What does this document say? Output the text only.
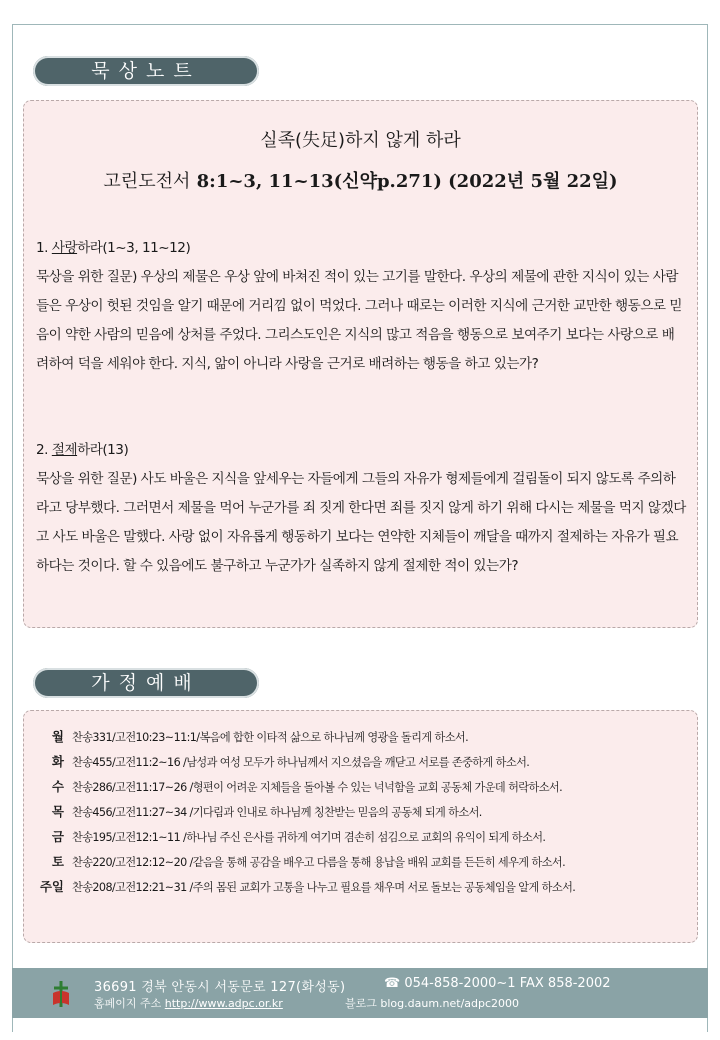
묵상노트
실족(失足)하지 않게 하라
고린도전서 8:1~3, 11~13(신약p.271) (2022년 5월 22일)
1. 사랑하라(1~3, 11~12)
묵상을 위한 질문) 우상의 제물은 우상 앞에 바쳐진 적이 있는 고기를 말한다. 우상의 제물에 관한 지식이 있는 사람들은 우상이 헛된 것임을 알기 때문에 거리낌 없이 먹었다. 그러나 때로는 이러한 지식에 근거한 교만한 행동으로 믿음이 약한 사람의 믿음에 상처를 주었다. 그리스도인은 지식의 많고 적음을 행동으로 보여주기 보다는 사랑으로 배려하여 덕을 세워야 한다. 지식, 앎이 아니라 사랑을 근거로 배려하는 행동을 하고 있는가?
2. 절제하라(13)
묵상을 위한 질문) 사도 바울은 지식을 앞세우는 자들에게 그들의 자유가 형제들에게 걸림돌이 되지 않도록 주의하라고 당부했다. 그러면서 제물을 먹어 누군가를 죄 짓게 한다면 죄를 짓지 않게 하기 위해 다시는 제물을 먹지 않겠다고 사도 바울은 말했다. 사랑 없이 자유롭게 행동하기 보다는 연약한 지체들이 깨달을 때까지 절제하는 자유가 필요하다는 것이다. 할 수 있음에도 불구하고 누군가가 실족하지 않게 절제한 적이 있는가?
가정예배
월 찬송331/고전10:23~11:1/복음에 합한 이타적 삶으로 하나님께 영광을 돌리게 하소서.
화 찬송455/고전11:2~16 /남성과 여성 모두가 하나님께서 지으셨음을 깨닫고 서로를 존중하게 하소서.
수 찬송286/고전11:17~26 /형편이 어려운 지체들을 돌아볼 수 있는 넉넉함을 교회 공동체 가운데 허락하소서.
목 찬송456/고전11:27~34 /기다림과 인내로 하나님께 칭찬받는 믿음의 공동체 되게 하소서.
금 찬송195/고전12:1~11 /하나님 주신 은사를 귀하게 여기며 겸손히 섬김으로 교회의 유익이 되게 하소서.
토 찬송220/고전12:12~20 /같음을 통해 공감을 배우고 다름을 통해 용납을 배워 교회를 든든히 세우게 하소서.
주일 찬송208/고전12:21~31 /주의 몸된 교회가 고통을 나누고 필요를 채우며 서로 돌보는 공동체임을 알게 하소서.
36691 경북 안동시 서동문로 127(화성동)	☎ 054-858-2000~1 FAX 858-2002
홈페이지 주소 http://www.adpc.or.kr	블로그 blog.daum.net/adpc2000
